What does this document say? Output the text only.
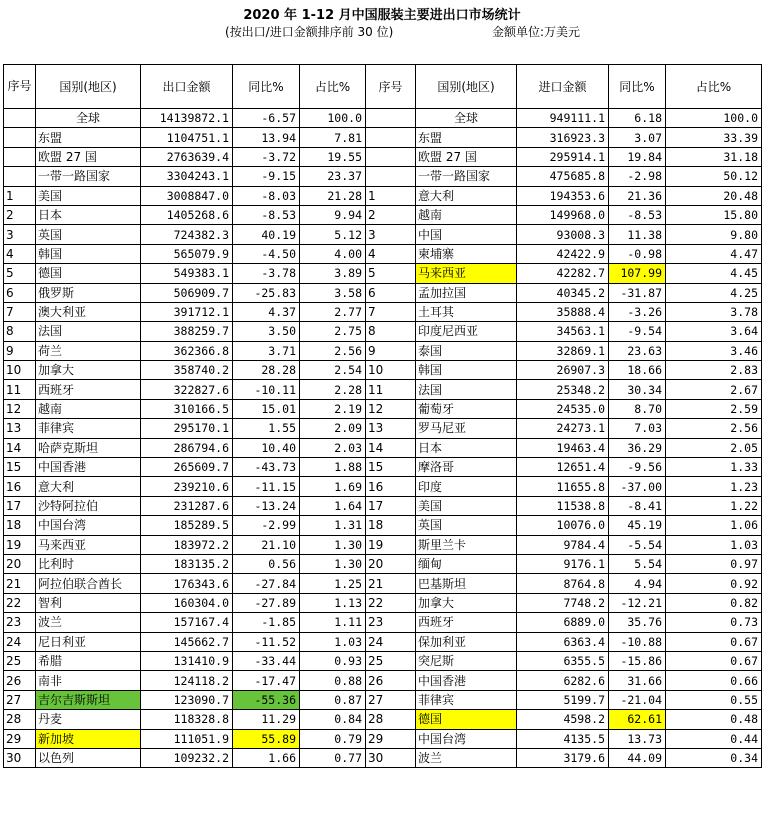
2020 年 1-12 月中国服装主要进出口市场统计
(按出口/进口金额排序前 30 位)	金额单位:万美元
序号	国别(地区)	出口金额	同比%	占比%	序号	国别(地区)	进口金额	同比%	占比%
	全球	14139872.1	-6.57	100.0		全球	949111.1	6.18	100.0
	东盟	1104751.1	13.94	7.81		东盟	316923.3	3.07	33.39
	欧盟 27 国	2763639.4	-3.72	19.55		欧盟 27 国	295914.1	19.84	31.18
	一带一路国家	3304243.1	-9.15	23.37		一带一路国家	475685.8	-2.98	50.12
1	美国	3008847.0	-8.03	21.28	1	意大利	194353.6	21.36	20.48
2	日本	1405268.6	-8.53	9.94	2	越南	149968.0	-8.53	15.80
3	英国	724382.3	40.19	5.12	3	中国	93008.3	11.38	9.80
4	韩国	565079.9	-4.50	4.00	4	柬埔寨	42422.9	-0.98	4.47
5	德国	549383.1	-3.78	3.89	5	马来西亚	42282.7	107.99	4.45
6	俄罗斯	506909.7	-25.83	3.58	6	孟加拉国	40345.2	-31.87	4.25
7	澳大利亚	391712.1	4.37	2.77	7	土耳其	35888.4	-3.26	3.78
8	法国	388259.7	3.50	2.75	8	印度尼西亚	34563.1	-9.54	3.64
9	荷兰	362366.8	3.71	2.56	9	泰国	32869.1	23.63	3.46
10	加拿大	358740.2	28.28	2.54	10	韩国	26907.3	18.66	2.83
11	西班牙	322827.6	-10.11	2.28	11	法国	25348.2	30.34	2.67
12	越南	310166.5	15.01	2.19	12	葡萄牙	24535.0	8.70	2.59
13	菲律宾	295170.1	1.55	2.09	13	罗马尼亚	24273.1	7.03	2.56
14	哈萨克斯坦	286794.6	10.40	2.03	14	日本	19463.4	36.29	2.05
15	中国香港	265609.7	-43.73	1.88	15	摩洛哥	12651.4	-9.56	1.33
16	意大利	239210.6	-11.15	1.69	16	印度	11655.8	-37.00	1.23
17	沙特阿拉伯	231287.6	-13.24	1.64	17	美国	11538.8	-8.41	1.22
18	中国台湾	185289.5	-2.99	1.31	18	英国	10076.0	45.19	1.06
19	马来西亚	183972.2	21.10	1.30	19	斯里兰卡	9784.4	-5.54	1.03
20	比利时	183135.2	0.56	1.30	20	缅甸	9176.1	5.54	0.97
21	阿拉伯联合酋长	176343.6	-27.84	1.25	21	巴基斯坦	8764.8	4.94	0.92
22	智利	160304.0	-27.89	1.13	22	加拿大	7748.2	-12.21	0.82
23	波兰	157167.4	-1.85	1.11	23	西班牙	6889.0	35.76	0.73
24	尼日利亚	145662.7	-11.52	1.03	24	保加利亚	6363.4	-10.88	0.67
25	希腊	131410.9	-33.44	0.93	25	突尼斯	6355.5	-15.86	0.67
26	南非	124118.2	-17.47	0.88	26	中国香港	6282.6	31.66	0.66
27	吉尔吉斯斯坦	123090.7	-55.36	0.87	27	菲律宾	5199.7	-21.04	0.55
28	丹麦	118328.8	11.29	0.84	28	德国	4598.2	62.61	0.48
29	新加坡	111051.9	55.89	0.79	29	中国台湾	4135.5	13.73	0.44
30	以色列	109232.2	1.66	0.77	30	波兰	3179.6	44.09	0.34
